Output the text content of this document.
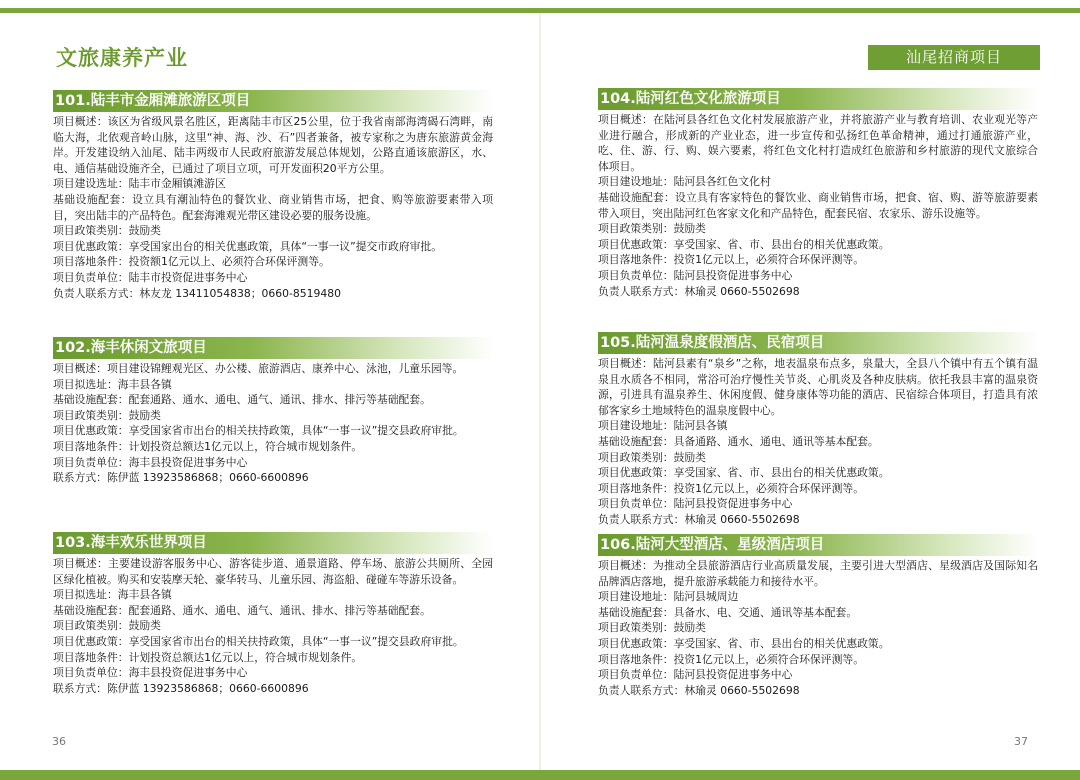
文旅康养产业	汕尾招商项目
101.陆丰市金厢滩旅游区项目

项目概述：该区为省级风景名胜区，距离陆丰市区25公里，位于我省南部海湾碣石湾畔，南临大海，北依观音岭山脉，这里“神、海、沙、石”四者兼备，被专家称之为唐东旅游黄金海岸。开发建设纳入汕尾、陆丰两级市人民政府旅游发展总体规划，公路直通该旅游区，水、电、通信基础设施齐全，已通过了项目立项，可开发面积20平方公里。

项目建设选址：陆丰市金厢镇滩游区

基础设施配套：设立具有潮汕特色的餐饮业、商业销售市场，把食、购等旅游要素带入项目，突出陆丰的产品特色。配套海滩观光带区建设必要的服务设施。

项目政策类别：鼓励类

项目优惠政策：享受国家出台的相关优惠政策，具体“一事一议”提交市政府审批。

项目落地条件：投资额1亿元以上、必须符合环保评测等。

项目负责单位：陆丰市投资促进事务中心

负责人联系方式：林友龙 13411054838；0660-8519480

102.海丰休闲文旅项目

项目概述：项目建设锦鲤观光区、办公楼、旅游酒店、康养中心、泳池，儿童乐园等。

项目拟选址：海丰县各镇

基础设施配套：配套通路、通水、通电、通气、通讯、排水、排污等基础配套。

项目政策类别：鼓励类

项目优惠政策：享受国家省市出台的相关扶持政策，具体“一事一议”提交县政府审批。

项目落地条件：计划投资总额达1亿元以上，符合城市规划条件。

项目负责单位：海丰县投资促进事务中心

联系方式：陈伊蓝 13923586868；0660-6600896

103.海丰欢乐世界项目

项目概述：主要建设游客服务中心、游客徒步道、通景道路、停车场、旅游公共厕所、全园区绿化植被。购买和安装摩天轮、豪华转马、儿童乐园、海盗船、碰碰车等游乐设备。

项目拟选址：海丰县各镇

基础设施配套：配套通路、通水、通电、通气、通讯、排水、排污等基础配套。

项目政策类别：鼓励类

项目优惠政策：享受国家省市出台的相关扶持政策，具体“一事一议”提交县政府审批。

项目落地条件：计划投资总额达1亿元以上，符合城市规划条件。

项目负责单位：海丰县投资促进事务中心

联系方式：陈伊蓝 13923586868；0660-6600896

104.陆河红色文化旅游项目

项目概述：在陆河县各红色文化村发展旅游产业，并将旅游产业与教育培训、农业观光等产业进行融合，形成新的产业业态，进一步宣传和弘扬红色革命精神，通过打通旅游产业，吃、住、游、行、购、娱六要素，将红色文化村打造成红色旅游和乡村旅游的现代文旅综合体项目。

项目建设地址：陆河县各红色文化村

基础设施配套：设立具有客家特色的餐饮业、商业销售市场，把食、宿、购、游等旅游要素带入项目，突出陆河红色客家文化和产品特色，配套民宿、农家乐、游乐设施等。

项目政策类别：鼓励类

项目优惠政策：享受国家、省、市、县出台的相关优惠政策。

项目落地条件：投资1亿元以上，必须符合环保评测等。

项目负责单位：陆河县投资促进事务中心

负责人联系方式：林瑜灵 0660-5502698

105.陆河温泉度假酒店、民宿项目

项目概述：陆河县素有“泉乡”之称，地表温泉布点多，泉量大，全县八个镇中有五个镇有温泉且水质各不相同，常浴可治疗慢性关节炎、心肌炎及各种皮肤病。依托我县丰富的温泉资源，引进具有温泉养生、休闲度假、健身康体等功能的酒店、民宿综合体项目，打造具有浓郁客家乡土地域特色的温泉度假中心。

项目建设地址：陆河县各镇

基础设施配套：具备通路、通水、通电、通讯等基本配套。

项目政策类别：鼓励类

项目优惠政策：享受国家、省、市、县出台的相关优惠政策。

项目落地条件：投资1亿元以上，必须符合环保评测等。

项目负责单位：陆河县投资促进事务中心

负责人联系方式：林瑜灵 0660-5502698

106.陆河大型酒店、星级酒店项目

项目概述：为推动全县旅游酒店行业高质量发展，主要引进大型酒店、星级酒店及国际知名品牌酒店落地，提升旅游承载能力和接待水平。

项目建设地址：陆河县城周边

基础设施配套：具备水、电、交通、通讯等基本配套。

项目政策类别：鼓励类

项目优惠政策：享受国家、省、市、县出台的相关优惠政策。

项目落地条件：投资1亿元以上，必须符合环保评测等。

项目负责单位：陆河县投资促进事务中心

负责人联系方式：林瑜灵 0660-5502698

36	37
